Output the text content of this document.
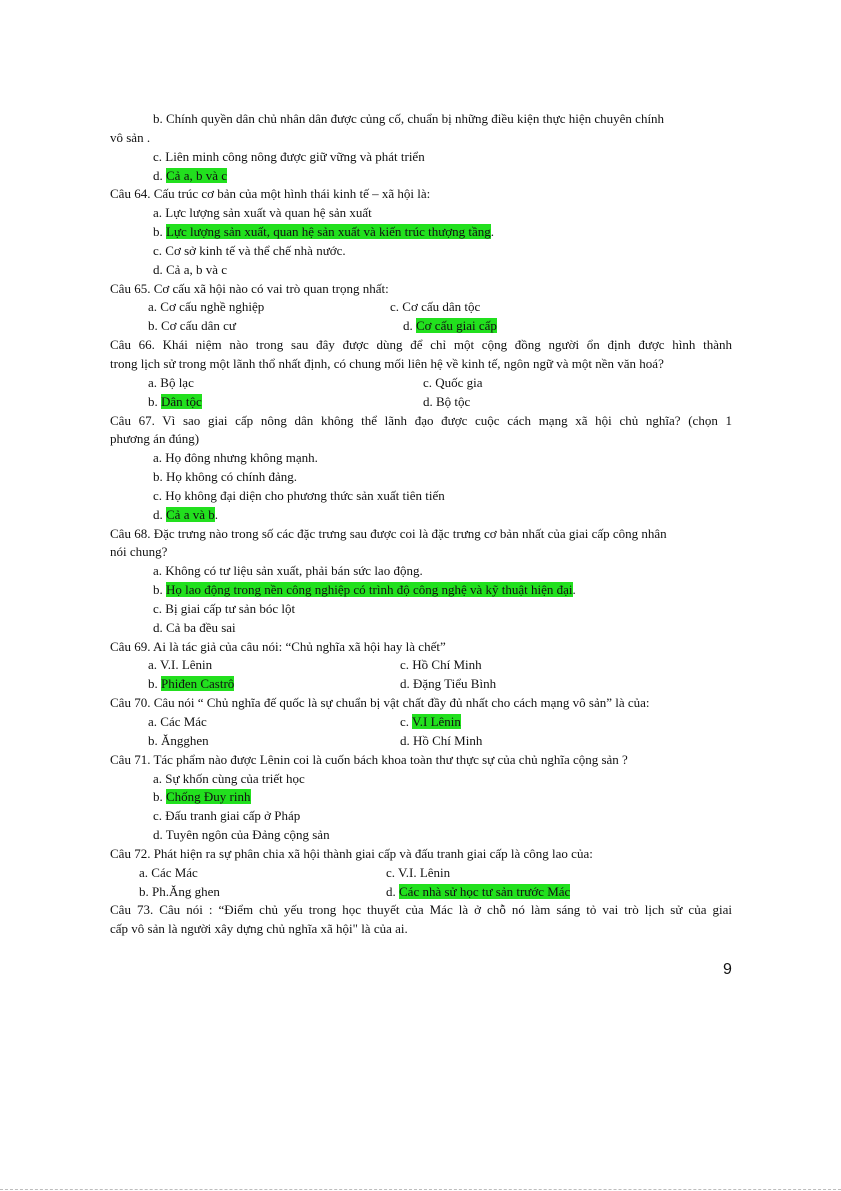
b. Chính quyền dân chủ nhân dân được củng cố, chuẩn bị những điều kiện thực hiện chuyên chính
vô sản .
c. Liên minh công nông được giữ vững và phát triển
d. Cả a, b và c
Câu 64. Cấu trúc cơ bản của một hình thái kinh tế – xã hội là:
a. Lực lượng sản xuất và quan hệ sản xuất
b. Lực lượng sản xuất, quan hệ sản xuất và kiến trúc thượng tầng.
c. Cơ sở kinh tế và thể chế nhà nước.
d. Cả a, b và c
Câu 65. Cơ cấu xã hội nào có vai trò quan trọng nhất:
a. Cơ cấu nghề nghiệp	c. Cơ cấu dân tộc
b. Cơ cấu dân cư	d. Cơ cấu giai cấp
Câu 66. Khái niệm nào trong sau đây được dùng để chỉ một cộng đồng người ổn định được hình thành
trong lịch sử trong một lãnh thổ nhất định, có chung mối liên hệ về kinh tế, ngôn ngữ và một nền văn hoá?
a. Bộ lạc	c. Quốc gia
b. Dân tộc	d. Bộ tộc
Câu 67. Vì sao giai cấp nông dân không thể lãnh đạo được cuộc cách mạng xã hội chủ nghĩa? (chọn 1
phương án đúng)
a. Họ đông nhưng không mạnh.
b. Họ không có chính đảng.
c. Họ không đại diện cho phương thức sản xuất tiên tiến
d. Cả a và b.
Câu 68. Đặc trưng nào trong số các đặc trưng sau được coi là đặc trưng cơ bản nhất của giai cấp công nhân
nói chung?
a. Không có tư liệu sản xuất, phải bán sức lao động.
b. Họ lao động trong nền công nghiệp có trình độ công nghệ và kỹ thuật hiện đại.
c. Bị giai cấp tư sản bóc lột
d. Cả ba đều sai
Câu 69. Ai là tác giả của câu nói: “Chủ nghĩa xã hội hay là chết”
a. V.I. Lênin	c. Hồ Chí Minh
b. Phiđen Castrô	d. Đặng Tiểu Bình
Câu 70. Câu nói “ Chủ nghĩa đế quốc là sự chuẩn bị vật chất đầy đủ nhất cho cách mạng vô sản” là của:
a. Các Mác	c. V.I Lênin
b. Ăngghen	d. Hồ Chí Minh
Câu 71. Tác phẩm nào được Lênin coi là cuốn bách khoa toàn thư thực sự của chủ nghĩa cộng sản ?
a. Sự khốn cùng của triết học
b. Chống Đuy rinh
c. Đấu tranh giai cấp ở Pháp
d. Tuyên ngôn của Đảng cộng sản
Câu 72. Phát hiện ra sự phân chia xã hội thành giai cấp và đấu tranh giai cấp là công lao của:
a. Các Mác	c. V.I. Lênin
b. Ph.Ăng ghen	d. Các nhà sử học tư sản trước Mác
Câu 73. Câu nói : “Điểm chủ yếu trong học thuyết của Mác là ở chỗ nó làm sáng tỏ vai trò lịch sử của giai
cấp vô sản là người xây dựng chủ nghĩa xã hội" là của ai.
9
